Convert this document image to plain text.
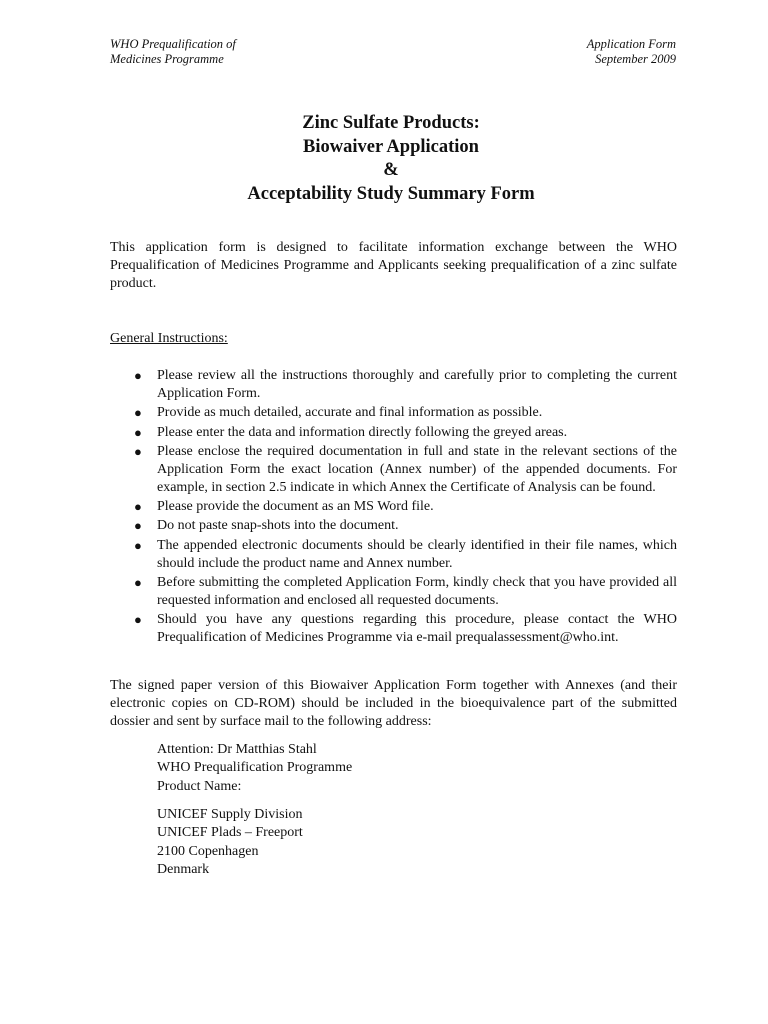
WHO Prequalification of
Medicines Programme
Application Form
September 2009
Zinc Sulfate Products:
Biowaiver Application
&
Acceptability Study Summary Form

This application form is designed to facilitate information exchange between the WHO Prequalification of Medicines Programme and Applicants seeking prequalification of a zinc sulfate product.

General Instructions:
● Please review all the instructions thoroughly and carefully prior to completing the current Application Form.
● Provide as much detailed, accurate and final information as possible.
● Please enter the data and information directly following the greyed areas.
● Please enclose the required documentation in full and state in the relevant sections of the Application Form the exact location (Annex number) of the appended documents. For example, in section 2.5 indicate in which Annex the Certificate of Analysis can be found.
● Please provide the document as an MS Word file.
● Do not paste snap-shots into the document.
● The appended electronic documents should be clearly identified in their file names, which should include the product name and Annex number.
● Before submitting the completed Application Form, kindly check that you have provided all requested information and enclosed all requested documents.
● Should you have any questions regarding this procedure, please contact the WHO Prequalification of Medicines Programme via e-mail prequalassessment@who.int.

The signed paper version of this Biowaiver Application Form together with Annexes (and their electronic copies on CD-ROM) should be included in the bioequivalence part of the submitted dossier and sent by surface mail to the following address:

Attention: Dr Matthias Stahl
WHO Prequalification Programme
Product Name:
UNICEF Supply Division
UNICEF Plads – Freeport
2100 Copenhagen
Denmark
